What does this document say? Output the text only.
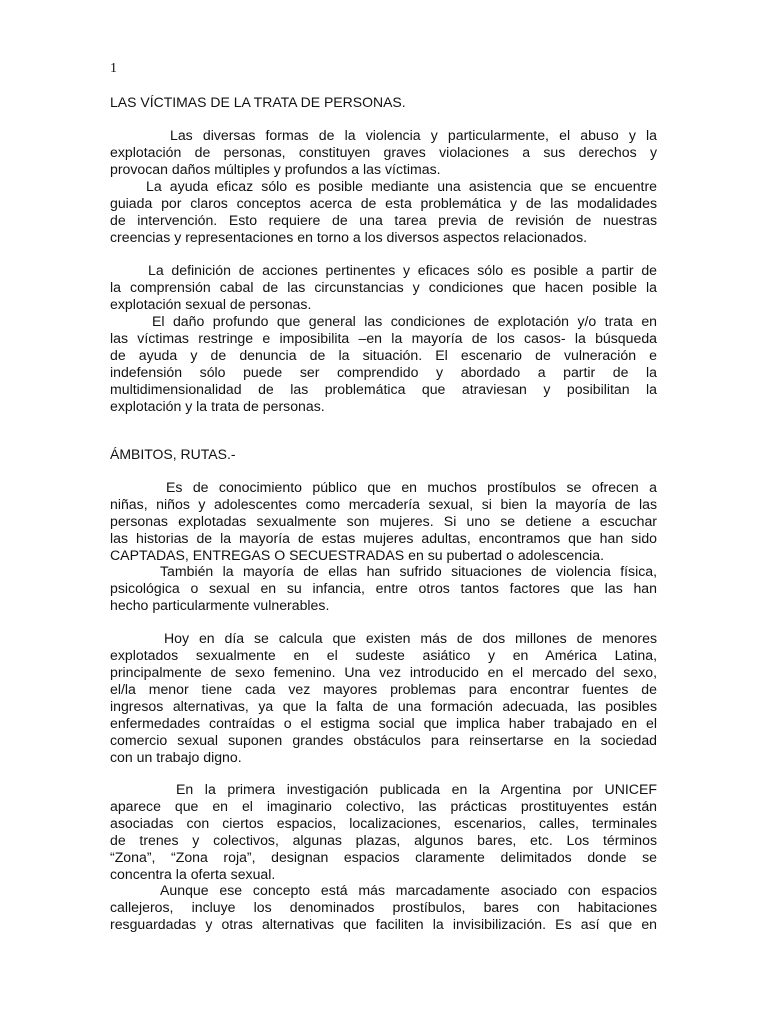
1
LAS VÍCTIMAS DE LA TRATA DE PERSONAS.
Las diversas formas de la violencia y particularmente, el abuso y la
explotación de personas, constituyen graves violaciones a sus derechos y
provocan daños múltiples y profundos a las víctimas.
La ayuda eficaz sólo es posible mediante una asistencia que se encuentre
guiada por claros conceptos acerca de esta problemática y de las modalidades
de intervención. Esto requiere de una tarea previa de revisión de nuestras
creencias y representaciones en torno a los diversos aspectos relacionados.
La definición de acciones pertinentes y eficaces sólo es posible a partir de
la comprensión cabal de las circunstancias y condiciones que hacen posible la
explotación sexual de personas.
El daño profundo que general las condiciones de explotación y/o trata en
las víctimas restringe e imposibilita –en la mayoría de los casos- la búsqueda
de ayuda y de denuncia de la situación. El escenario de vulneración e
indefensión sólo puede ser comprendido y abordado a partir de la
multidimensionalidad de las problemática que atraviesan y posibilitan la
explotación y la trata de personas.
ÁMBITOS, RUTAS.-
Es de conocimiento público que en muchos prostíbulos se ofrecen a
niñas, niños y adolescentes como mercadería sexual, si bien la mayoría de las
personas explotadas sexualmente son mujeres. Si uno se detiene a escuchar
las historias de la mayoría de estas mujeres adultas, encontramos que han sido
CAPTADAS, ENTREGAS O SECUESTRADAS en su pubertad o adolescencia.
También la mayoría de ellas han sufrido situaciones de violencia física,
psicológica o sexual en su infancia, entre otros tantos factores que las han
hecho particularmente vulnerables.
Hoy en día se calcula que existen más de dos millones de menores
explotados sexualmente en el sudeste asiático y en América Latina,
principalmente de sexo femenino. Una vez introducido en el mercado del sexo,
el/la menor tiene cada vez mayores problemas para encontrar fuentes de
ingresos alternativas, ya que la falta de una formación adecuada, las posibles
enfermedades contraídas o el estigma social que implica haber trabajado en el
comercio sexual suponen grandes obstáculos para reinsertarse en la sociedad
con un trabajo digno.
En la primera investigación publicada en la Argentina por UNICEF
aparece que en el imaginario colectivo, las prácticas prostituyentes están
asociadas con ciertos espacios, localizaciones, escenarios, calles, terminales
de trenes y colectivos, algunas plazas, algunos bares, etc. Los términos
“Zona”, “Zona roja”, designan espacios claramente delimitados donde se
concentra la oferta sexual.
Aunque ese concepto está más marcadamente asociado con espacios
callejeros, incluye los denominados prostíbulos, bares con habitaciones
resguardadas y otras alternativas que faciliten la invisibilización. Es así que en
